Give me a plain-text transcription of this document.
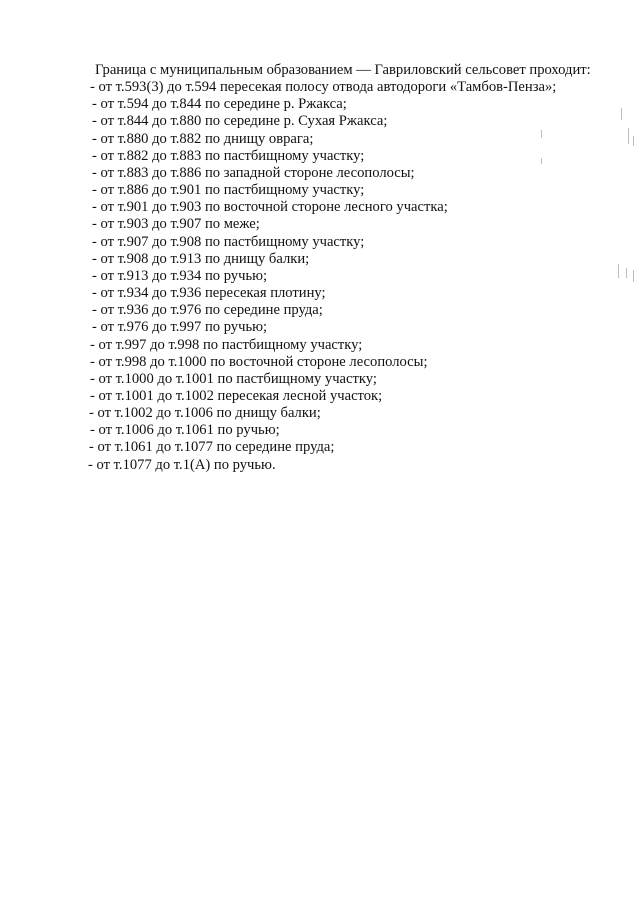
Граница с муниципальным образованием — Гавриловский сельсовет проходит:
- от т.593(3) до т.594 пересекая полосу отвода автодороги «Тамбов-Пенза»;
- от т.594 до т.844 по середине р. Ржакса;
- от т.844 до т.880 по середине р. Сухая Ржакса;
- от т.880 до т.882 по днищу оврага;
- от т.882 до т.883 по пастбищному участку;
- от т.883 до т.886 по западной стороне лесополосы;
- от т.886 до т.901 по пастбищному участку;
- от т.901 до т.903 по восточной стороне лесного участка;
- от т.903 до т.907 по меже;
- от т.907 до т.908 по пастбищному участку;
- от т.908 до т.913 по днищу балки;
- от т.913 до т.934 по ручью;
- от т.934 до т.936 пересекая плотину;
- от т.936 до т.976 по середине пруда;
- от т.976 до т.997 по ручью;
- от т.997 до т.998 по пастбищному участку;
- от т.998 до т.1000 по восточной стороне лесополосы;
- от т.1000 до т.1001 по пастбищному участку;
- от т.1001 до т.1002 пересекая лесной участок;
- от т.1002 до т.1006 по днищу балки;
- от т.1006 до т.1061 по ручью;
- от т.1061 до т.1077 по середине пруда;
- от т.1077 до т.1(А) по ручью.
